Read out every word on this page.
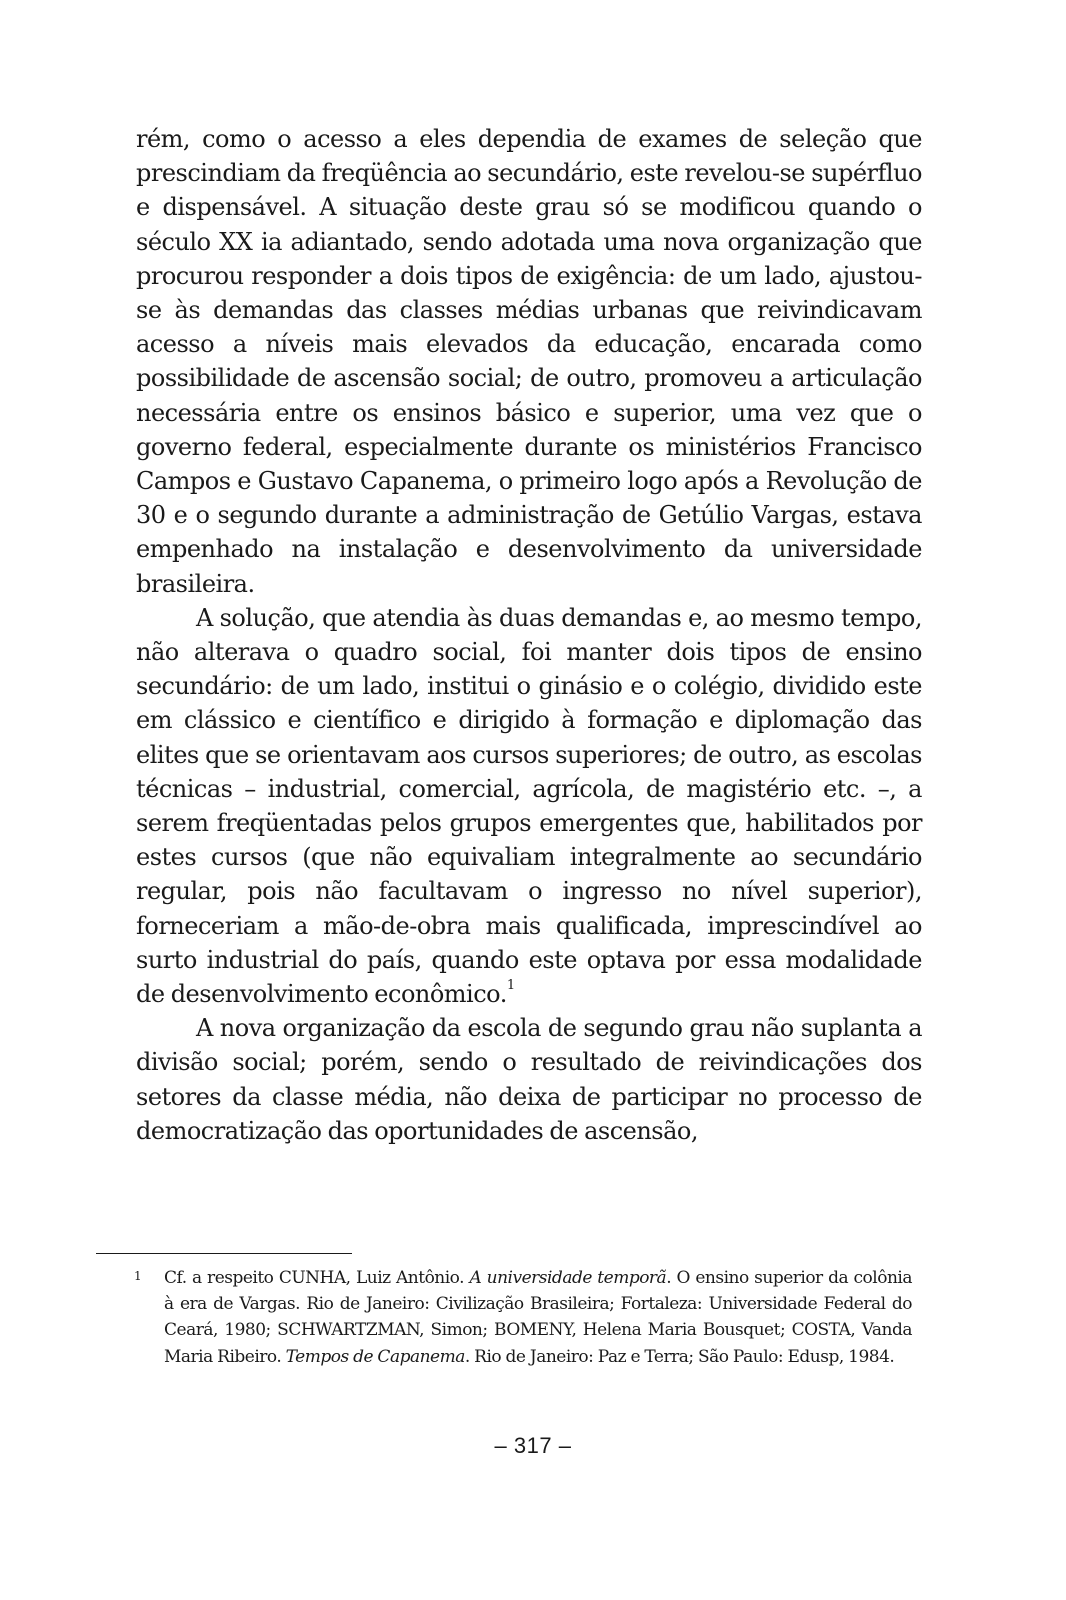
rém, como o acesso a eles dependia de exames de seleção que prescindiam da freqüência ao secundário, este revelou-se supérfluo e dispensável. A situação deste grau só se modificou quando o século XX ia adiantado, sendo adotada uma nova organização que procurou responder a dois tipos de exigência: de um lado, ajustou-se às demandas das classes médias urbanas que reivindicavam acesso a níveis mais elevados da educação, encarada como possibilidade de ascensão social; de outro, promoveu a articulação necessária entre os ensinos básico e superior, uma vez que o governo federal, especialmente durante os ministérios Francisco Campos e Gustavo Capanema, o primeiro logo após a Revolução de 30 e o segundo durante a administração de Getúlio Vargas, estava empenhado na instalação e desenvolvimento da universidade brasileira.

A solução, que atendia às duas demandas e, ao mesmo tempo, não alterava o quadro social, foi manter dois tipos de ensino secundário: de um lado, institui o ginásio e o colégio, dividido este em clássico e científico e dirigido à formação e diplomação das elites que se orientavam aos cursos superiores; de outro, as escolas técnicas – industrial, comercial, agrícola, de magistério etc. –, a serem freqüentadas pelos grupos emergentes que, habilitados por estes cursos (que não equivaliam integralmente ao secundário regular, pois não facultavam o ingresso no nível superior), forneceriam a mão-de-obra mais qualificada, imprescindível ao surto industrial do país, quando este optava por essa modalidade de desenvolvimento econômico.$^1$

A nova organização da escola de segundo grau não suplanta a divisão social; porém, sendo o resultado de reivindicações dos setores da classe média, não deixa de participar no processo de democratização das oportunidades de ascensão,

1 Cf. a respeito CUNHA, Luiz Antônio. A universidade temporã. O ensino superior da colônia à era de Vargas. Rio de Janeiro: Civilização Brasileira; Fortaleza: Universidade Federal do Ceará, 1980; SCHWARTZMAN, Simon; BOMENY, Helena Maria Bousquet; COSTA, Vanda Maria Ribeiro. Tempos de Capanema. Rio de Janeiro: Paz e Terra; São Paulo: Edusp, 1984.
– 317 –
